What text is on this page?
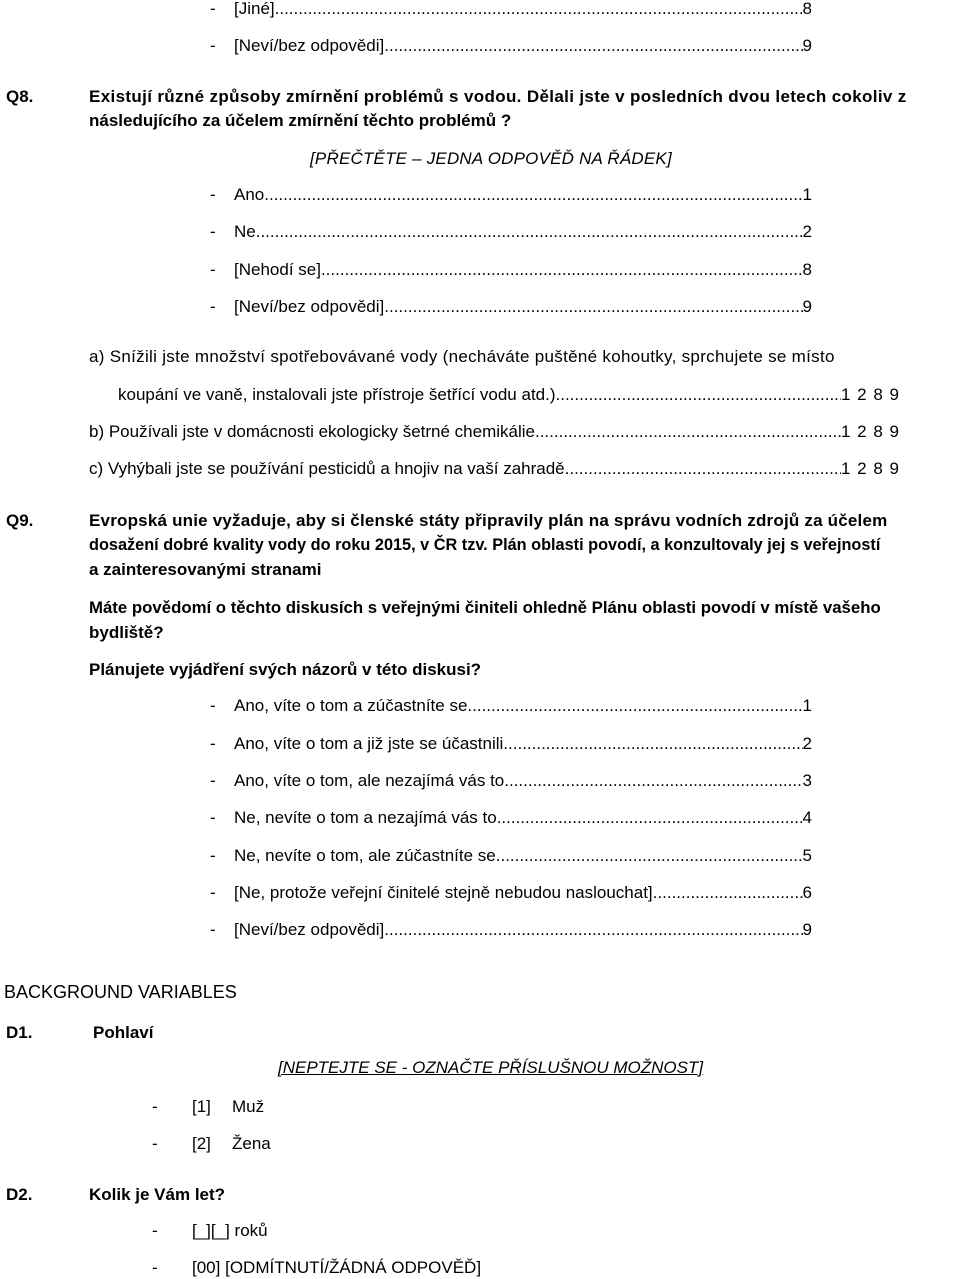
- [Jiné] .....	8
- [Neví/bez odpovědi] .....	9
Q8.	Existují různé způsoby zmírnění problémů s vodou. Dělali jste v posledních dvou letech cokoliv z
následujícího za účelem zmírnění těchto problémů ?
[PŘEČTĚTE – JEDNA ODPOVĚĎ NA ŘÁDEK]
- Ano .....	1
- Ne .....	2
- [Nehodí se] .....	8
- [Neví/bez odpovědi] .....	9
a) Snížili jste množství spotřebovávané vody (necháváte puštěné kohoutky, sprchujete se místo
koupání ve vaně, instalovali jste přístroje šetřící vodu atd.) .....	1 2 8 9
b) Používali jste v domácnosti ekologicky šetrné chemikálie .....	1 2 8 9
c) Vyhýbali jste se používání pesticidů a hnojiv na vaší zahradě .....	1 2 8 9
Q9.	Evropská unie vyžaduje, aby si členské státy připravily plán na správu vodních zdrojů za účelem
dosažení dobré kvality vody do roku 2015, v ČR tzv. Plán oblasti povodí, a konzultovaly jej s veřejností
a zainteresovanými stranami
Máte povědomí o těchto diskusích s veřejnými činiteli ohledně Plánu oblasti povodí v místě vašeho
bydliště?
Plánujete vyjádření svých názorů v této diskusi?
- Ano, víte o tom a zúčastníte se .....	1
- Ano, víte o tom a již jste se účastnili .....	2
- Ano, víte o tom, ale nezajímá vás to .....	3
- Ne, nevíte o tom a nezajímá vás to .....	4
- Ne, nevíte o tom, ale zúčastníte se .....	5
- [Ne, protože veřejní činitelé stejně nebudou naslouchat] .....	6
- [Neví/bez odpovědi] .....	9
BACKGROUND VARIABLES
D1.	Pohlaví
[NEPTEJTE SE - OZNAČTE PŘÍSLUŠNOU MOŽNOST]
- [1] Muž
- [2] Žena
D2.	Kolik je Vám let?
- [_][_] roků
- [00] [ODMÍTNUTÍ/ŽÁDNÁ ODPOVĚĎ]
